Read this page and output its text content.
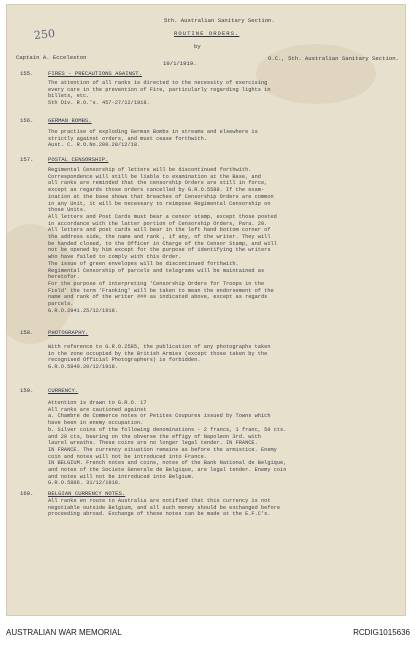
5th. Australian Sanitary Section.
ROUTINE ORDERS.
by
250
Captain A. Ecceleston
10/1/1919.
O.C., 5th. Australian Sanitary Section.
155.	FIRES - PRECAUTIONS AGAINST.
The attention of all ranks is directed to the necessity of exercising
every care in the prevention of Fire, particularly regarding lights in
billets, etc.
5th Div. R.O.'s. 457-27/12/1918.
156.	GERMAN BOMBS.
The practise of exploding German Bombs in streams and elsewhere is
strictly against orders, and must cease forthwith.
Aust. C. R.O.No.200.28/12/18.
157.	POSTAL CENSORSHIP.
Regimental Censorship of letters will be discontinued forthwith.
Correspondence will still be liable to examination at the Base, and
all ranks are reminded that the censorship Orders are still in force,
except as regards those orders cancelled by G.R.O.5588. If the exam-
ination at the base shows that breaches of Censorship Orders are common
in any Unit, it will be necessary to reimpose Regimental Censorship on
those Units.
All letters and Post Cards must bear a censor stamp, except those posted
in accordance with the latter portion of Censorship Orders, Para. 20.
All letters and post cards will bear in the left hand bottom corner of
the address side, the name and rank , if any, of the writer. They will
be handed closed, to the Officer in Charge of the Censor Stamp, and will
not be opened by him except for the purpose of identifying the writers
who have failed to comply with this Order.
The issue of green envelopes will be discontinued forthwith.
Regimental Censorship of parcels and telegrams will be maintained as
heretofor.
For the purpose of interpreting 'Censorship Orders for Troops in the
Field' the term 'Franking' will be taken to mean the endorsement of the
name and rank of the writer ### as indicated above, except as regards
parcels.
G.R.O.2941.25/12/1918.
158.	PHOTOGRAPHY.
With reference to G.R.O.2585, the publication of any photographs taken
in the zone occupied by the British Armies (except those taken by the
recognised Official Photographers) is forbidden.
G.R.O.5840.20/12/1918.
159.	CURRENCY.
Attention is drawn to G.R.O. 17
All ranks are cautioned against
a. Chambre de Commerce notes or Petites Coupures issued by Towns which
have been in enemy occupation.
b. Silver coins of the following denominations - 2 francs, 1 franc, 50 cts.
and 20 cts, bearing on the obverse the effigy of Napoleon 3rd. with
laurel wreaths. These coins are no longer legal tender. IN FRANCE.
IN FRANCE. The currency situation remains as before the armistice. Enemy
coin and notes will not be introduced into France.
IN BELGIUM. French notes and coins, notes of the Bank National de Belgique,
and notes of the Societe Generale de Belgique, are legal tender. Enemy coin
and notes will not be introduced into Belgium.
G.R.O.5886. 31/12/1918.
160.	BELGIAN CURRENCY NOTES.
All ranks en route to Australia are notified that this currency is not
negotiable outside Belgium, and all such money should be exchanged before
proceeding abroad. Exchange of these notes can be made at the E.F.C's.
AUSTRALIAN WAR MEMORIAL	RCDIG1015636
